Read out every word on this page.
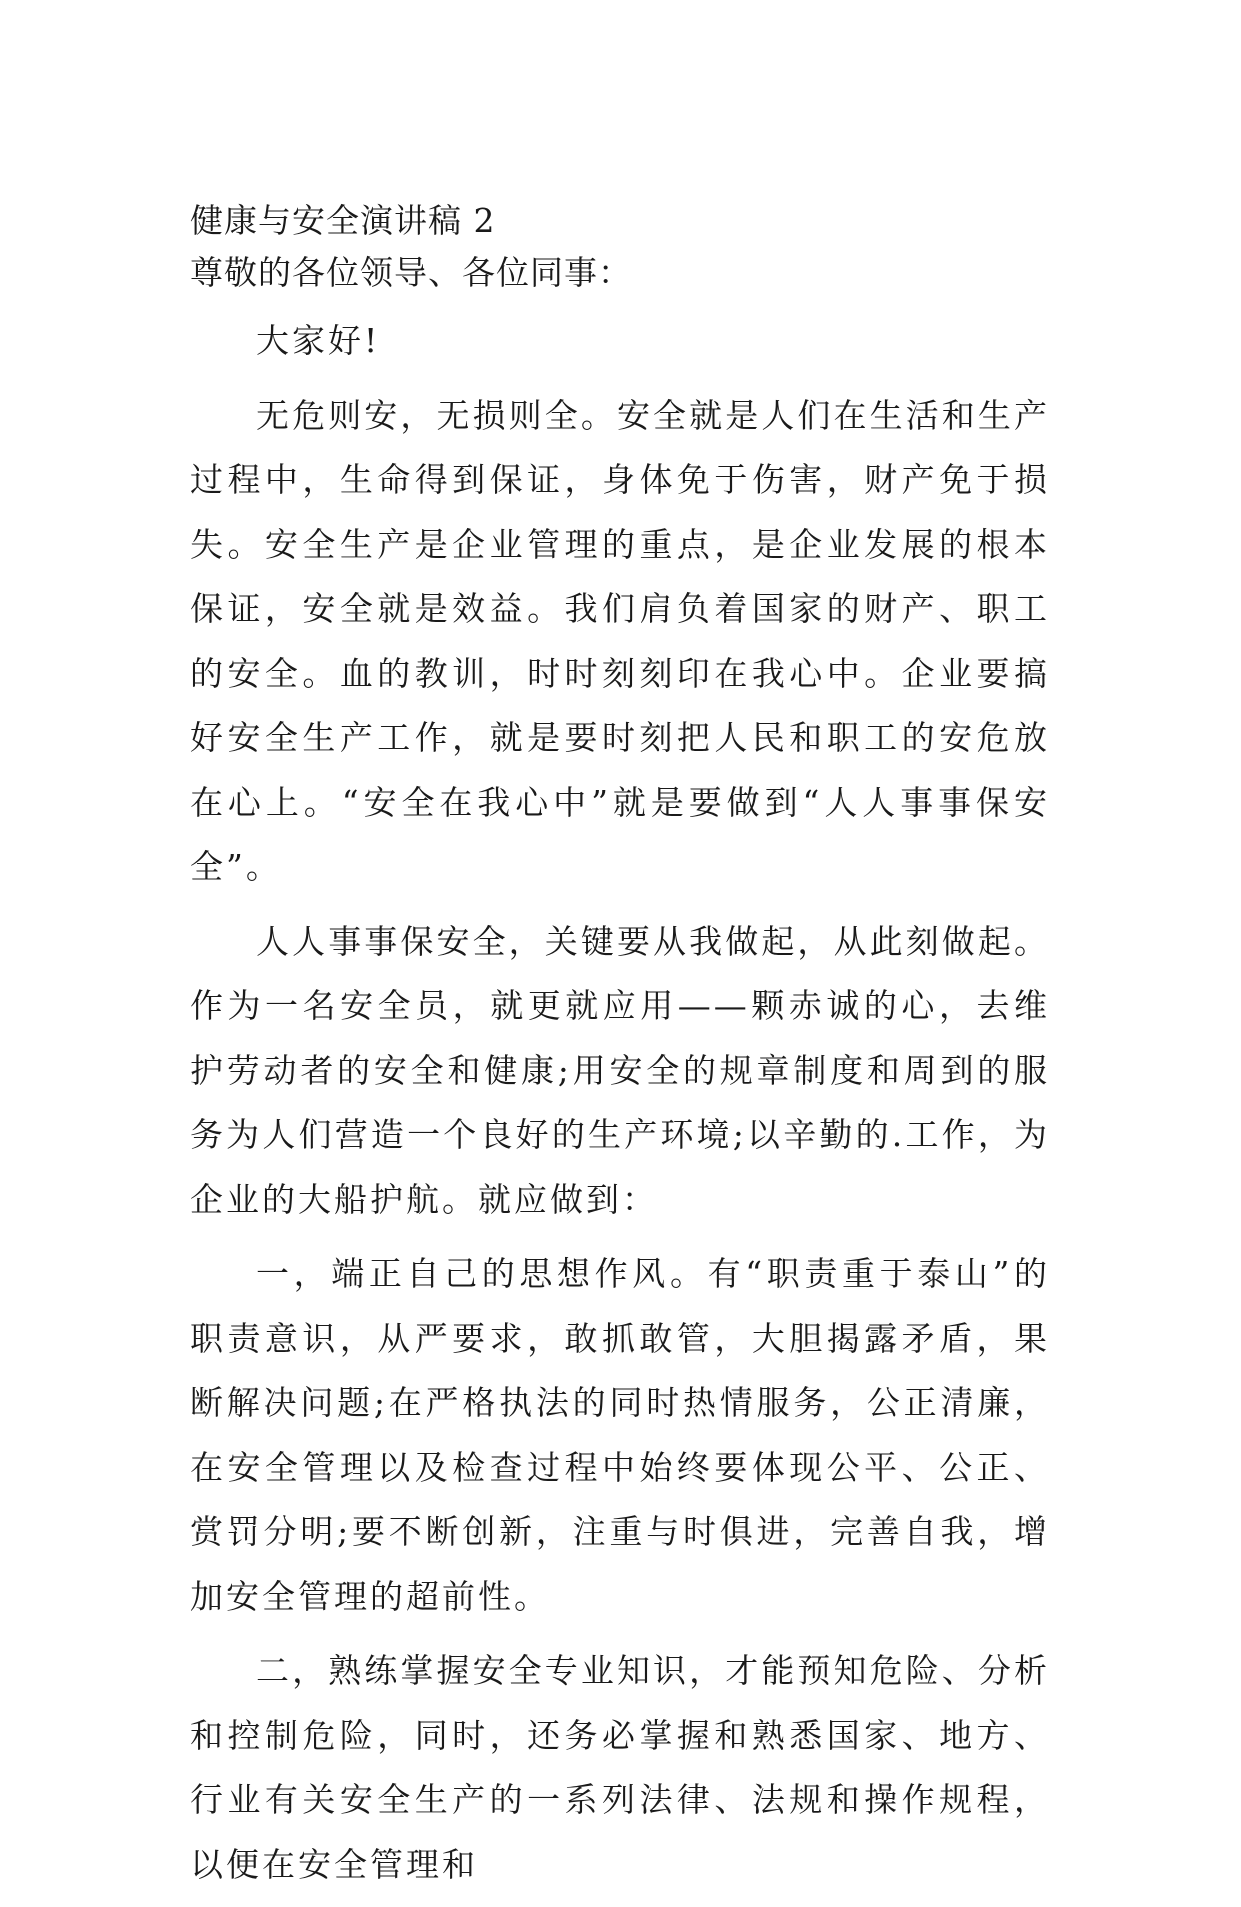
健康与安全演讲稿 2

尊敬的各位领导、各位同事：

大家好!

无危则安，无损则全。安全就是人们在生活和生产过程中，生命得到保证，身体免于伤害，财产免于损失。安全生产是企业管理的重点，是企业发展的根本保证，安全就是效益。我们肩负着国家的财产、职工的安全。血的教训，时时刻刻印在我心中。企业要搞好安全生产工作，就是要时刻把人民和职工的安危放在心上。“安全在我心中”就是要做到“人人事事保安全”。

人人事事保安全，关键要从我做起，从此刻做起。作为一名安全员，就更就应用——颗赤诚的心，去维护劳动者的安全和健康;用安全的规章制度和周到的服务为人们营造一个良好的生产环境;以辛勤的.工作，为企业的大船护航。就应做到：

一，端正自己的思想作风。有“职责重于泰山”的职责意识，从严要求，敢抓敢管，大胆揭露矛盾，果断解决问题;在严格执法的同时热情服务，公正清廉，在安全管理以及检查过程中始终要体现公平、公正、赏罚分明;要不断创新，注重与时俱进，完善自我，增加安全管理的超前性。

二，熟练掌握安全专业知识，才能预知危险、分析和控制危险，同时，还务必掌握和熟悉国家、地方、行业有关安全生产的一系列法律、法规和操作规程，以便在安全管理和
